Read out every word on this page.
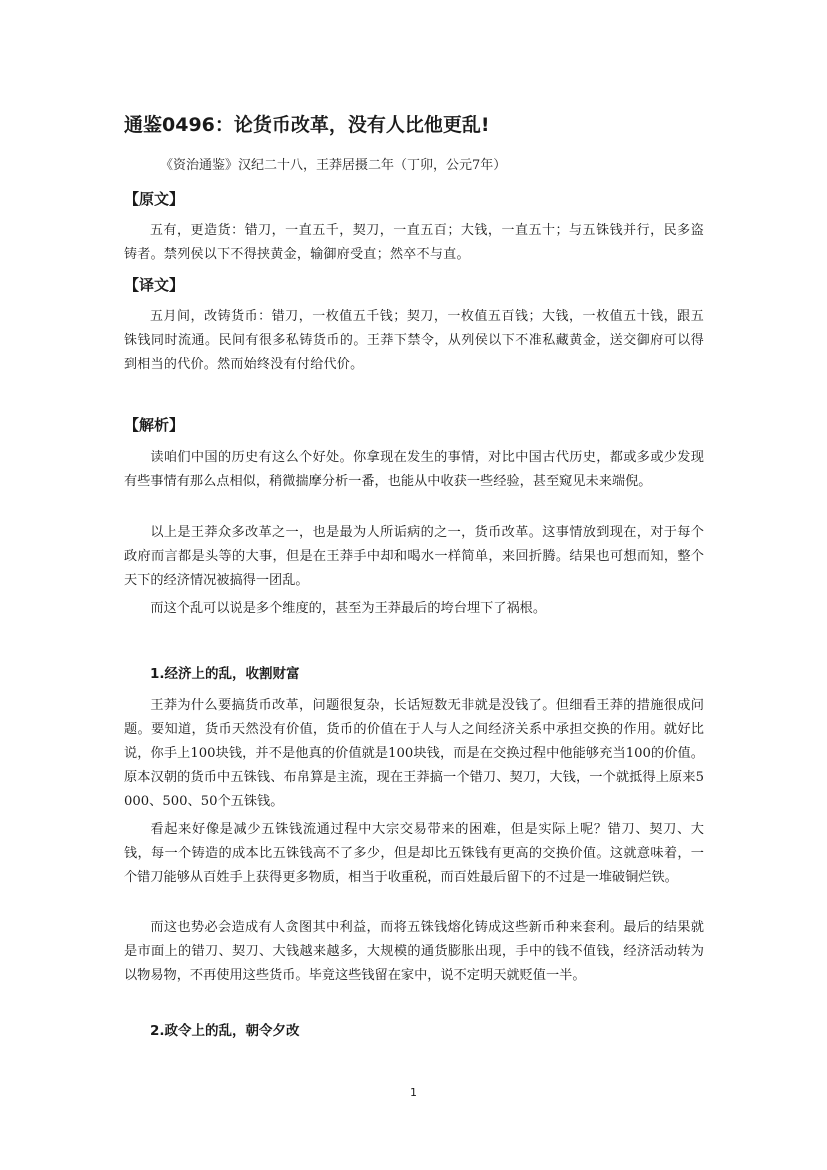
通鉴0496：论货币改革，没有人比他更乱!
《资治通鉴》汉纪二十八，王莽居摄二年（丁卯，公元7年）
【原文】

五有，更造货：错刀，一直五千，契刀，一直五百；大钱，一直五十；与五铢钱并行，民多盗铸者。禁列侯以下不得挟黄金，输御府受直；然卒不与直。

【译文】

五月间，改铸货币：错刀，一枚值五千钱；契刀，一枚值五百钱；大钱，一枚值五十钱，跟五铢钱同时流通。民间有很多私铸货币的。王莽下禁令，从列侯以下不准私藏黄金，送交御府可以得到相当的代价。然而始终没有付给代价。

【解析】

读咱们中国的历史有这么个好处。你拿现在发生的事情，对比中国古代历史，都或多或少发现有些事情有那么点相似，稍微揣摩分析一番，也能从中收获一些经验，甚至窥见未来端倪。

以上是王莽众多改革之一，也是最为人所诟病的之一，货币改革。这事情放到现在，对于每个政府而言都是头等的大事，但是在王莽手中却和喝水一样简单，来回折腾。结果也可想而知，整个天下的经济情况被搞得一团乱。

而这个乱可以说是多个维度的，甚至为王莽最后的垮台埋下了祸根。

1.经济上的乱，收割财富

王莽为什么要搞货币改革，问题很复杂，长话短数无非就是没钱了。但细看王莽的措施很成问题。要知道，货币天然没有价值，货币的价值在于人与人之间经济关系中承担交换的作用。就好比说，你手上100块钱，并不是他真的价值就是100块钱，而是在交换过程中他能够充当100的价值。原本汉朝的货币中五铢钱、布帛算是主流，现在王莽搞一个错刀、契刀，大钱，一个就抵得上原来5000、500、50个五铢钱。

看起来好像是减少五铢钱流通过程中大宗交易带来的困难，但是实际上呢？错刀、契刀、大钱，每一个铸造的成本比五铢钱高不了多少，但是却比五铢钱有更高的交换价值。这就意味着，一个错刀能够从百姓手上获得更多物质，相当于收重税，而百姓最后留下的不过是一堆破铜烂铁。

而这也势必会造成有人贪图其中利益，而将五铢钱熔化铸成这些新币种来套利。最后的结果就是市面上的错刀、契刀、大钱越来越多，大规模的通货膨胀出现，手中的钱不值钱，经济活动转为以物易物，不再使用这些货币。毕竟这些钱留在家中，说不定明天就贬值一半。

2.政令上的乱，朝令夕改
1
